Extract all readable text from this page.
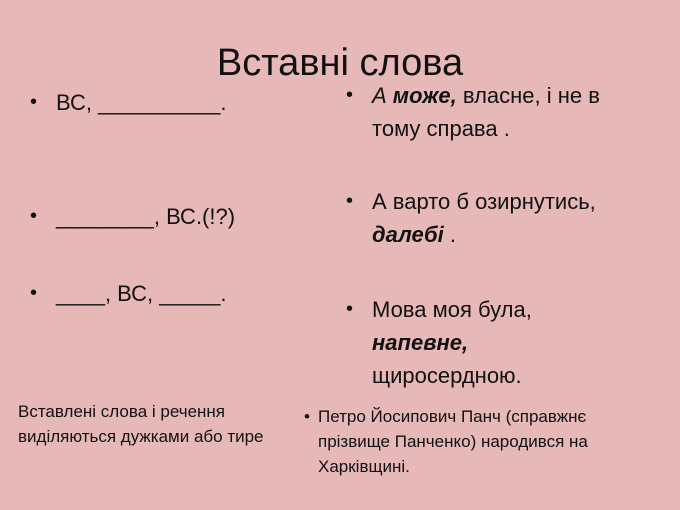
Вставні слова
• ВС, __________.
• ________, ВС.(!?)
• ____, ВС, _____.
• А може, власне, і не в тому справа .
• А варто б озирнутись, далебі .
• Мова моя була, напевне, щиросердною.
Вставлені слова і речення виділяються дужками або тире
• Петро Йосипович Панч (справжнє прізвище Панченко) народився на Харківщині.
